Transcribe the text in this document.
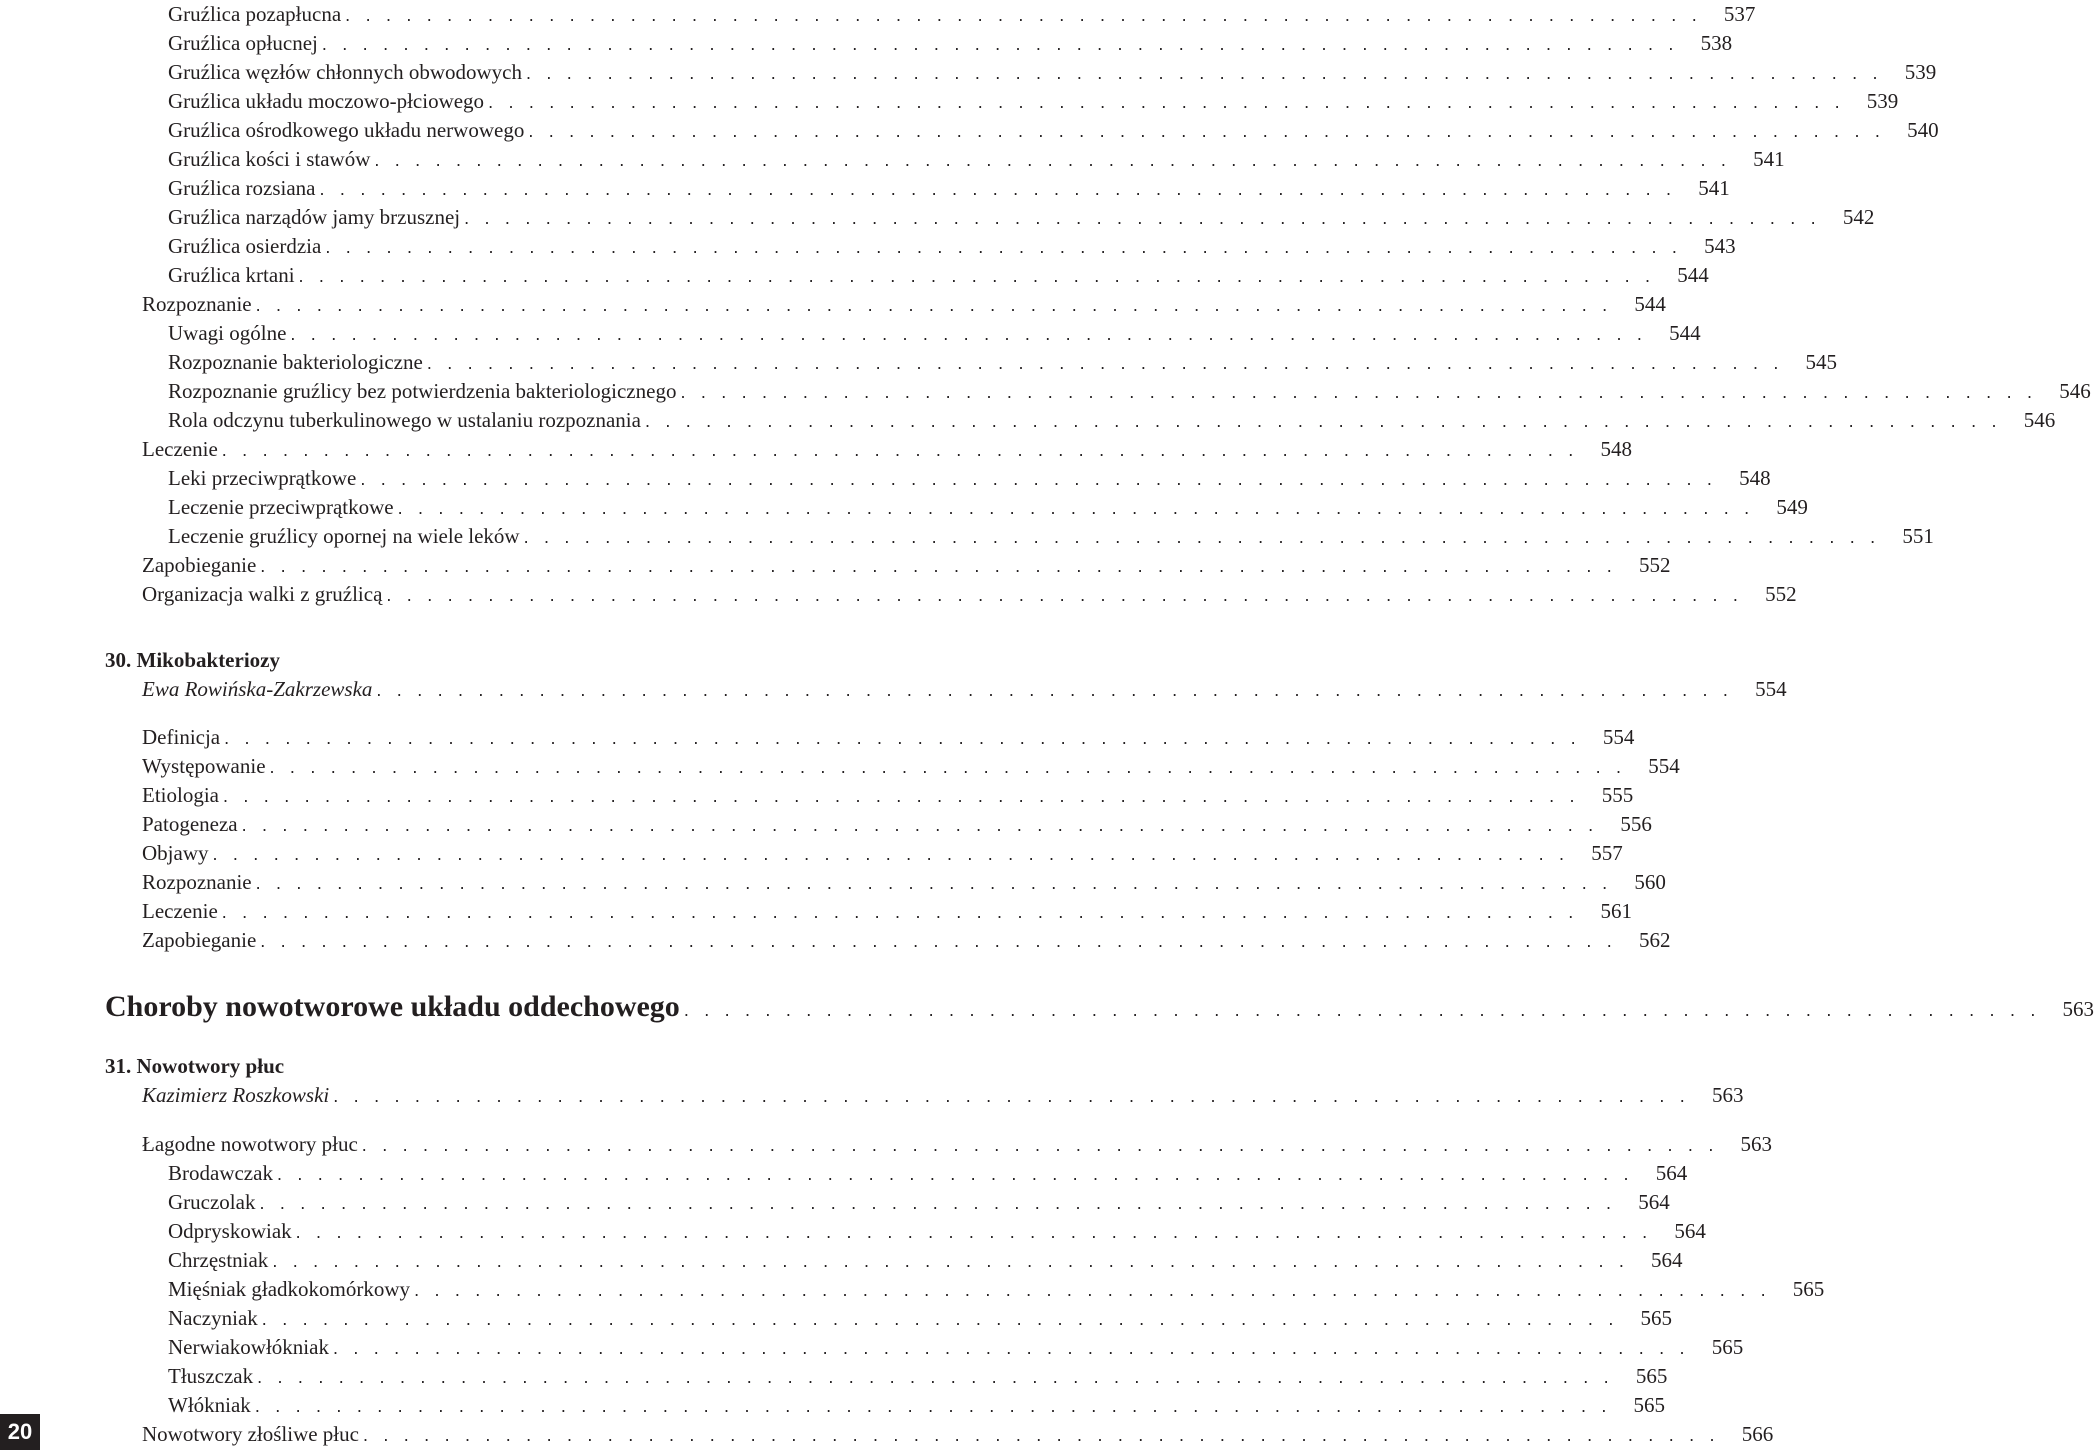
Gruźlica pozapłucna . . . . . . . . . . . . . . . . . . . . . . . . . . . . . . . . . . . . . . . . . . . . . . . . . . . . . . . . . . . . . . . . . . .	537
Gruźlica opłucnej . . . . . . . . . . . . . . . . . . . . . . . . . . . . . . . . . . . . . . . . . . . . . . . . . . . . . . . . . . . . . . . . . . .	538
Gruźlica węzłów chłonnych obwodowych . . . . . . . . . . . . . . . . . . . . . . . . . . . . . . . . . . . . . . . . . . . . . . . . . . . . . . . . . . . . . . . . . . .	539
Gruźlica układu moczowo-płciowego . . . . . . . . . . . . . . . . . . . . . . . . . . . . . . . . . . . . . . . . . . . . . . . . . . . . . . . . . . . . . . . . . . .	539
Gruźlica ośrodkowego układu nerwowego . . . . . . . . . . . . . . . . . . . . . . . . . . . . . . . . . . . . . . . . . . . . . . . . . . . . . . . . . . . . . . . . . . .	540
Gruźlica kości i stawów . . . . . . . . . . . . . . . . . . . . . . . . . . . . . . . . . . . . . . . . . . . . . . . . . . . . . . . . . . . . . . . . . . .	541
Gruźlica rozsiana . . . . . . . . . . . . . . . . . . . . . . . . . . . . . . . . . . . . . . . . . . . . . . . . . . . . . . . . . . . . . . . . . . .	541
Gruźlica narządów jamy brzusznej . . . . . . . . . . . . . . . . . . . . . . . . . . . . . . . . . . . . . . . . . . . . . . . . . . . . . . . . . . . . . . . . . . .	542
Gruźlica osierdzia . . . . . . . . . . . . . . . . . . . . . . . . . . . . . . . . . . . . . . . . . . . . . . . . . . . . . . . . . . . . . . . . . . .	543
Gruźlica krtani . . . . . . . . . . . . . . . . . . . . . . . . . . . . . . . . . . . . . . . . . . . . . . . . . . . . . . . . . . . . . . . . . . .	544
Rozpoznanie . . . . . . . . . . . . . . . . . . . . . . . . . . . . . . . . . . . . . . . . . . . . . . . . . . . . . . . . . . . . . . . . . . .	544
Uwagi ogólne . . . . . . . . . . . . . . . . . . . . . . . . . . . . . . . . . . . . . . . . . . . . . . . . . . . . . . . . . . . . . . . . . . .	544
Rozpoznanie bakteriologiczne . . . . . . . . . . . . . . . . . . . . . . . . . . . . . . . . . . . . . . . . . . . . . . . . . . . . . . . . . . . . . . . . . . .	545
Rozpoznanie gruźlicy bez potwierdzenia bakteriologicznego . . . . . . . . . . . . . . . . . . . . . . . . . . . . . . . . . . . . . . . . . . . . . . . . . . . . . . . . . . . . . . . . . . .	546
Rola odczynu tuberkulinowego w ustalaniu rozpoznania . . . . . . . . . . . . . . . . . . . . . . . . . . . . . . . . . . . . . . . . . . . . . . . . . . . . . . . . . . . . . . . . . . .	546
Leczenie . . . . . . . . . . . . . . . . . . . . . . . . . . . . . . . . . . . . . . . . . . . . . . . . . . . . . . . . . . . . . . . . . . .	548
Leki przeciwprątkowe . . . . . . . . . . . . . . . . . . . . . . . . . . . . . . . . . . . . . . . . . . . . . . . . . . . . . . . . . . . . . . . . . . .	548
Leczenie przeciwprątkowe . . . . . . . . . . . . . . . . . . . . . . . . . . . . . . . . . . . . . . . . . . . . . . . . . . . . . . . . . . . . . . . . . . .	549
Leczenie gruźlicy opornej na wiele leków . . . . . . . . . . . . . . . . . . . . . . . . . . . . . . . . . . . . . . . . . . . . . . . . . . . . . . . . . . . . . . . . . . .	551
Zapobieganie . . . . . . . . . . . . . . . . . . . . . . . . . . . . . . . . . . . . . . . . . . . . . . . . . . . . . . . . . . . . . . . . . . .	552
Organizacja walki z gruźlicą . . . . . . . . . . . . . . . . . . . . . . . . . . . . . . . . . . . . . . . . . . . . . . . . . . . . . . . . . . . . . . . . . . .	552
30. Mikobakteriozy
Ewa Rowińska-Zakrzewska . . . . . . . . . . . . . . . . . . . . . . . . . . . . . . . . . . . . . . . . . . . . . . . . . . . . . . . . . . . . . . . . . . .	554
Definicja . . . . . . . . . . . . . . . . . . . . . . . . . . . . . . . . . . . . . . . . . . . . . . . . . . . . . . . . . . . . . . . . . . .	554
Występowanie . . . . . . . . . . . . . . . . . . . . . . . . . . . . . . . . . . . . . . . . . . . . . . . . . . . . . . . . . . . . . . . . . . .	554
Etiologia . . . . . . . . . . . . . . . . . . . . . . . . . . . . . . . . . . . . . . . . . . . . . . . . . . . . . . . . . . . . . . . . . . .	555
Patogeneza . . . . . . . . . . . . . . . . . . . . . . . . . . . . . . . . . . . . . . . . . . . . . . . . . . . . . . . . . . . . . . . . . . .	556
Objawy . . . . . . . . . . . . . . . . . . . . . . . . . . . . . . . . . . . . . . . . . . . . . . . . . . . . . . . . . . . . . . . . . . .	557
Rozpoznanie . . . . . . . . . . . . . . . . . . . . . . . . . . . . . . . . . . . . . . . . . . . . . . . . . . . . . . . . . . . . . . . . . . .	560
Leczenie . . . . . . . . . . . . . . . . . . . . . . . . . . . . . . . . . . . . . . . . . . . . . . . . . . . . . . . . . . . . . . . . . . .	561
Zapobieganie . . . . . . . . . . . . . . . . . . . . . . . . . . . . . . . . . . . . . . . . . . . . . . . . . . . . . . . . . . . . . . . . . . .	562
Choroby nowotworowe układu oddechowego . . . . . . . . . . . . . . . . . . . . . . . . . . . . . . . . . . . . . . . . . . . . . . . . . . . . . . . . . . . . . . . . . . .	563
31. Nowotwory płuc
Kazimierz Roszkowski . . . . . . . . . . . . . . . . . . . . . . . . . . . . . . . . . . . . . . . . . . . . . . . . . . . . . . . . . . . . . . . . . . .	563
Łagodne nowotwory płuc . . . . . . . . . . . . . . . . . . . . . . . . . . . . . . . . . . . . . . . . . . . . . . . . . . . . . . . . . . . . . . . . . . .	563
Brodawczak . . . . . . . . . . . . . . . . . . . . . . . . . . . . . . . . . . . . . . . . . . . . . . . . . . . . . . . . . . . . . . . . . . .	564
Gruczolak . . . . . . . . . . . . . . . . . . . . . . . . . . . . . . . . . . . . . . . . . . . . . . . . . . . . . . . . . . . . . . . . . . .	564
Odpryskowiak . . . . . . . . . . . . . . . . . . . . . . . . . . . . . . . . . . . . . . . . . . . . . . . . . . . . . . . . . . . . . . . . . . .	564
Chrzęstniak . . . . . . . . . . . . . . . . . . . . . . . . . . . . . . . . . . . . . . . . . . . . . . . . . . . . . . . . . . . . . . . . . . .	564
Mięśniak gładkokomórkowy . . . . . . . . . . . . . . . . . . . . . . . . . . . . . . . . . . . . . . . . . . . . . . . . . . . . . . . . . . . . . . . . . . .	565
Naczyniak . . . . . . . . . . . . . . . . . . . . . . . . . . . . . . . . . . . . . . . . . . . . . . . . . . . . . . . . . . . . . . . . . . .	565
Nerwiakowłókniak . . . . . . . . . . . . . . . . . . . . . . . . . . . . . . . . . . . . . . . . . . . . . . . . . . . . . . . . . . . . . . . . . . .	565
Tłuszczak . . . . . . . . . . . . . . . . . . . . . . . . . . . . . . . . . . . . . . . . . . . . . . . . . . . . . . . . . . . . . . . . . . .	565
Włókniak . . . . . . . . . . . . . . . . . . . . . . . . . . . . . . . . . . . . . . . . . . . . . . . . . . . . . . . . . . . . . . . . . . .	565
Nowotwory złośliwe płuc . . . . . . . . . . . . . . . . . . . . . . . . . . . . . . . . . . . . . . . . . . . . . . . . . . . . . . . . . . . . . . . . . . .	566
20
